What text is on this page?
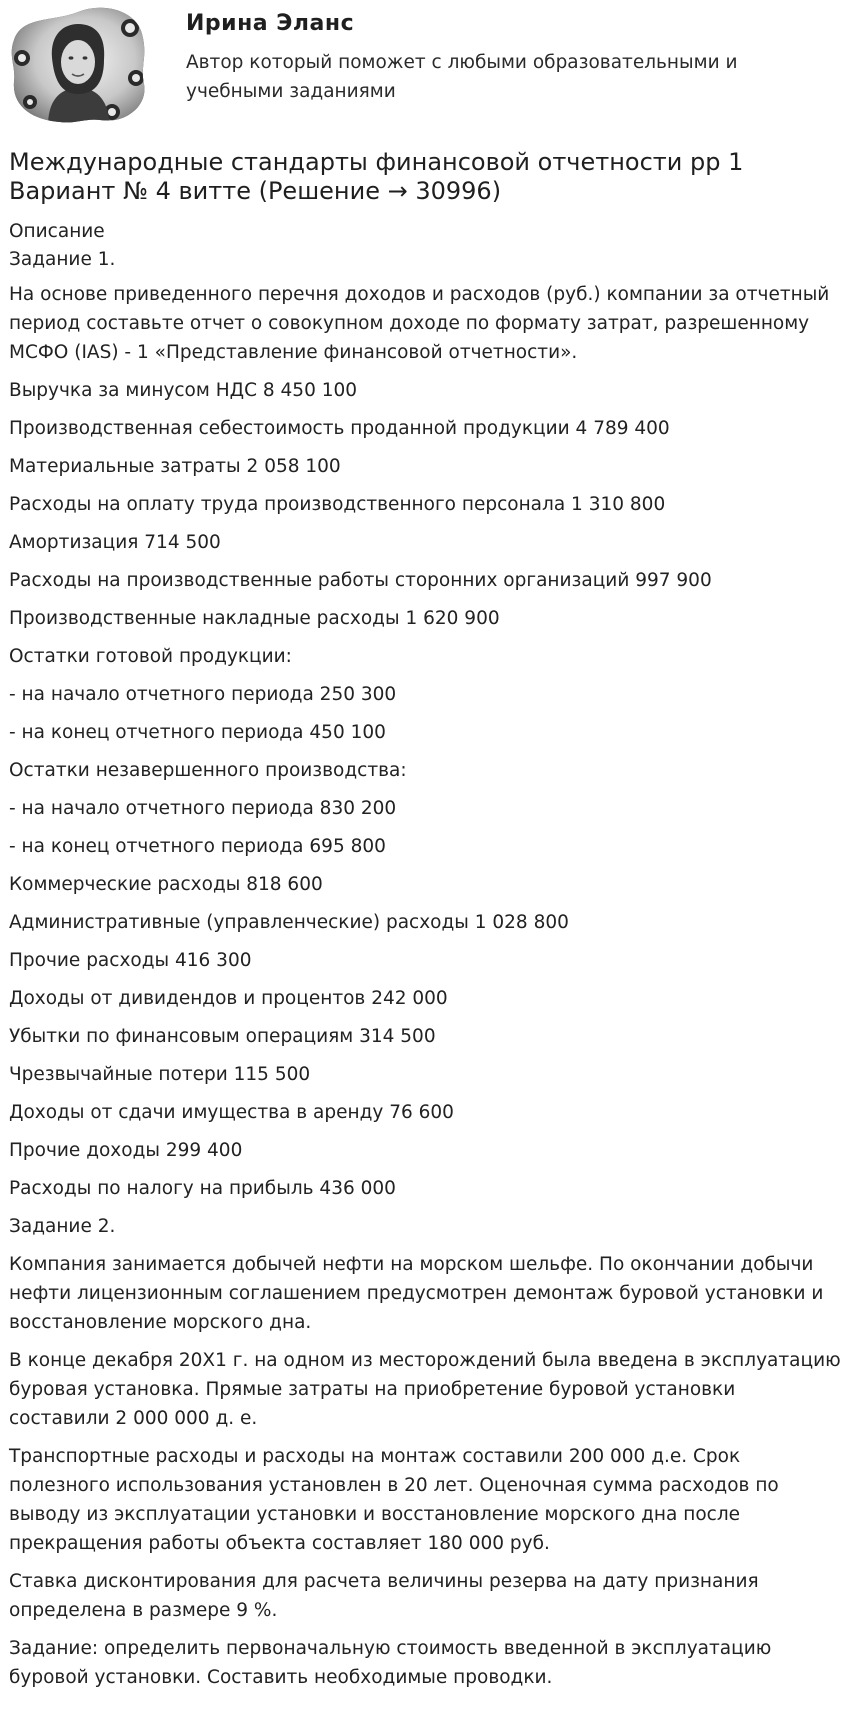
Ирина Эланс
Автор который поможет с любыми образовательными и учебными заданиями
Международные стандарты финансовой отчетности рр 1
Вариант № 4 витте (Решение → 30996)
Описание
Задание 1.

На основе приведенного перечня доходов и расходов (руб.) компании за отчетный период составьте отчет о совокупном доходе по формату затрат, разрешенному МСФО (IAS) - 1 «Представление финансовой отчетности».

Выручка за минусом НДС 8 450 100

Производственная себестоимость проданной продукции 4 789 400

Материальные затраты 2 058 100

Расходы на оплату труда производственного персонала 1 310 800

Амортизация 714 500

Расходы на производственные работы сторонних организаций 997 900

Производственные накладные расходы 1 620 900

Остатки готовой продукции:

- на начало отчетного периода 250 300

- на конец отчетного периода 450 100

Остатки незавершенного производства:

- на начало отчетного периода 830 200

- на конец отчетного периода 695 800

Коммерческие расходы 818 600

Административные (управленческие) расходы 1 028 800

Прочие расходы 416 300

Доходы от дивидендов и процентов 242 000

Убытки по финансовым операциям 314 500

Чрезвычайные потери 115 500

Доходы от сдачи имущества в аренду 76 600

Прочие доходы 299 400

Расходы по налогу на прибыль 436 000

Задание 2.

Компания занимается добычей нефти на морском шельфе. По окончании добычи нефти лицензионным соглашением предусмотрен демонтаж буровой установки и восстановление морского дна.

В конце декабря 20X1 г. на одном из месторождений была введена в эксплуатацию буровая установка. Прямые затраты на приобретение буровой установки составили 2 000 000 д. е.

Транспортные расходы и расходы на монтаж составили 200 000 д.е. Срок полезного использования установлен в 20 лет. Оценочная сумма расходов по выводу из эксплуатации установки и восстановление морского дна после прекращения работы объекта составляет 180 000 руб.

Ставка дисконтирования для расчета величины резерва на дату признания определена в размере 9 %.

Задание: определить первоначальную стоимость введенной в эксплуатацию буровой установки. Составить необходимые проводки.
